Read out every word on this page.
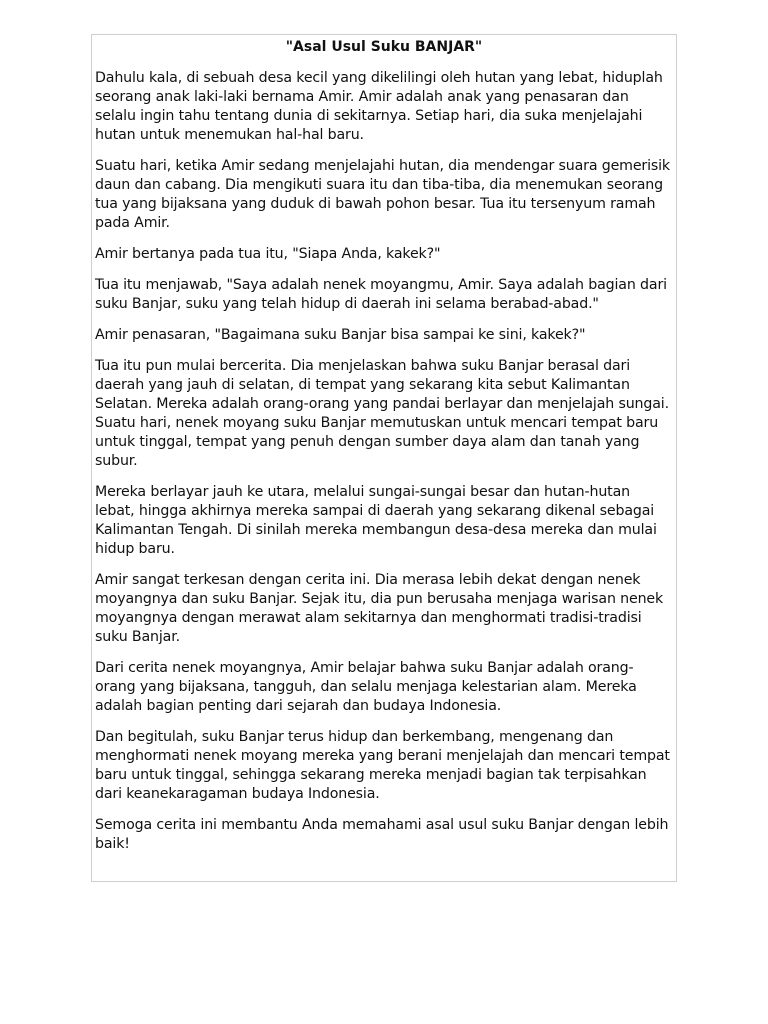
"Asal Usul Suku BANJAR"

Dahulu kala, di sebuah desa kecil yang dikelilingi oleh hutan yang lebat, hiduplah seorang anak laki-laki bernama Amir. Amir adalah anak yang penasaran dan selalu ingin tahu tentang dunia di sekitarnya. Setiap hari, dia suka menjelajahi hutan untuk menemukan hal-hal baru.

Suatu hari, ketika Amir sedang menjelajahi hutan, dia mendengar suara gemerisik daun dan cabang. Dia mengikuti suara itu dan tiba-tiba, dia menemukan seorang tua yang bijaksana yang duduk di bawah pohon besar. Tua itu tersenyum ramah pada Amir.

Amir bertanya pada tua itu, "Siapa Anda, kakek?"

Tua itu menjawab, "Saya adalah nenek moyangmu, Amir. Saya adalah bagian dari suku Banjar, suku yang telah hidup di daerah ini selama berabad-abad."

Amir penasaran, "Bagaimana suku Banjar bisa sampai ke sini, kakek?"

Tua itu pun mulai bercerita. Dia menjelaskan bahwa suku Banjar berasal dari daerah yang jauh di selatan, di tempat yang sekarang kita sebut Kalimantan Selatan. Mereka adalah orang-orang yang pandai berlayar dan menjelajah sungai. Suatu hari, nenek moyang suku Banjar memutuskan untuk mencari tempat baru untuk tinggal, tempat yang penuh dengan sumber daya alam dan tanah yang subur.

Mereka berlayar jauh ke utara, melalui sungai-sungai besar dan hutan-hutan lebat, hingga akhirnya mereka sampai di daerah yang sekarang dikenal sebagai Kalimantan Tengah. Di sinilah mereka membangun desa-desa mereka dan mulai hidup baru.

Amir sangat terkesan dengan cerita ini. Dia merasa lebih dekat dengan nenek moyangnya dan suku Banjar. Sejak itu, dia pun berusaha menjaga warisan nenek moyangnya dengan merawat alam sekitarnya dan menghormati tradisi-tradisi suku Banjar.

Dari cerita nenek moyangnya, Amir belajar bahwa suku Banjar adalah orang-orang yang bijaksana, tangguh, dan selalu menjaga kelestarian alam. Mereka adalah bagian penting dari sejarah dan budaya Indonesia.

Dan begitulah, suku Banjar terus hidup dan berkembang, mengenang dan menghormati nenek moyang mereka yang berani menjelajah dan mencari tempat baru untuk tinggal, sehingga sekarang mereka menjadi bagian tak terpisahkan dari keanekaragaman budaya Indonesia.

Semoga cerita ini membantu Anda memahami asal usul suku Banjar dengan lebih baik!
